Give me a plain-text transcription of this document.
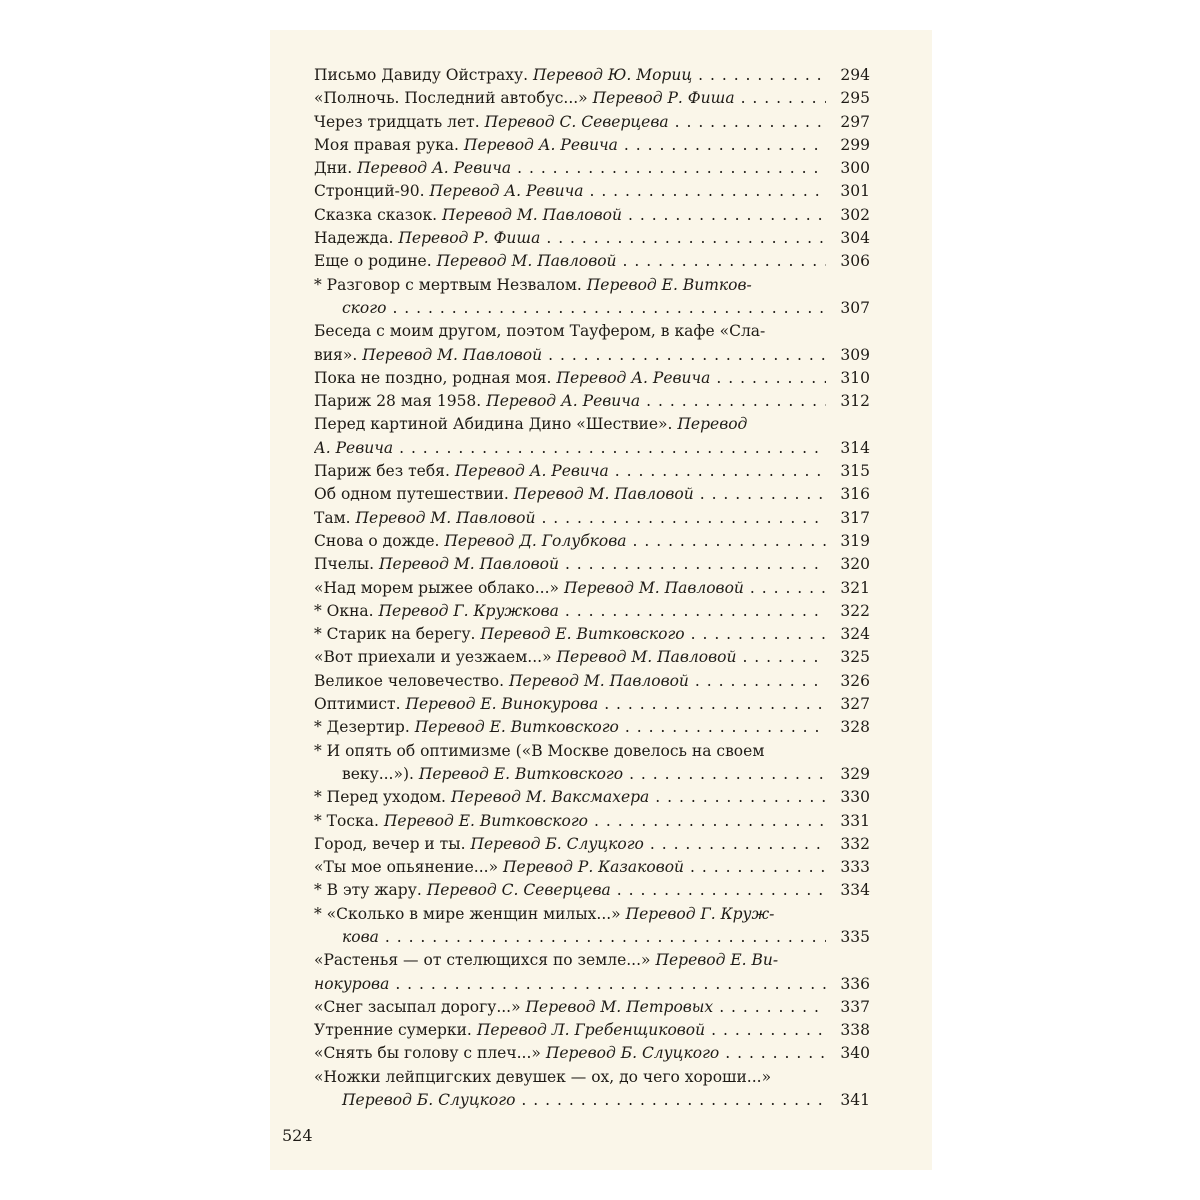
Письмо Давиду Ойстраху. Перевод Ю. Мориц . . .	294
«Полночь. Последний автобус...» Перевод Р. Фиша . . .	295
Через тридцать лет. Перевод С. Северцева . . .	297
Моя правая рука. Перевод А. Ревича . . .	299
Дни. Перевод А. Ревича . . .	300
Стронций-90. Перевод А. Ревича . . .	301
Сказка сказок. Перевод М. Павловой . . .	302
Надежда. Перевод Р. Фиша . . .	304
Еще о родине. Перевод М. Павловой . . .	306
* Разговор с мертвым Незвалом. Перевод Е. Витков-
ского . . .	307
Беседа с моим другом, поэтом Тауфером, в кафе «Сла-
вия». Перевод М. Павловой . . .	309
Пока не поздно, родная моя. Перевод А. Ревича . . .	310
Париж 28 мая 1958. Перевод А. Ревича . . .	312
Перед картиной Абидина Дино «Шествие». Перевод
А. Ревича . . .	314
Париж без тебя. Перевод А. Ревича . . .	315
Об одном путешествии. Перевод М. Павловой . . .	316
Там. Перевод М. Павловой . . .	317
Снова о дожде. Перевод Д. Голубкова . . .	319
Пчелы. Перевод М. Павловой . . .	320
«Над морем рыжее облако...» Перевод М. Павловой . . .	321
* Окна. Перевод Г. Кружкова . . .	322
* Старик на берегу. Перевод Е. Витковского . . .	324
«Вот приехали и уезжаем...» Перевод М. Павловой . . .	325
Великое человечество. Перевод М. Павловой . . .	326
Оптимист. Перевод Е. Винокурова . . .	327
* Дезертир. Перевод Е. Витковского . . .	328
* И опять об оптимизме («В Москве довелось на своем
веку...»). Перевод Е. Витковского . . .	329
* Перед уходом. Перевод М. Ваксмахера . . .	330
* Тоска. Перевод Е. Витковского . . .	331
Город, вечер и ты. Перевод Б. Слуцкого . . .	332
«Ты мое опьянение...» Перевод Р. Казаковой . . .	333
* В эту жару. Перевод С. Северцева . . .	334
* «Сколько в мире женщин милых...» Перевод Г. Круж-
кова . . .	335
«Растенья — от стелющихся по земле...» Перевод Е. Ви-
нокурова . . .	336
«Снег засыпал дорогу...» Перевод М. Петровых . . .	337
Утренние сумерки. Перевод Л. Гребенщиковой . . .	338
«Снять бы голову с плеч...» Перевод Б. Слуцкого . . .	340
«Ножки лейпцигских девушек — ох, до чего хороши...»
Перевод Б. Слуцкого . . .	341
524
